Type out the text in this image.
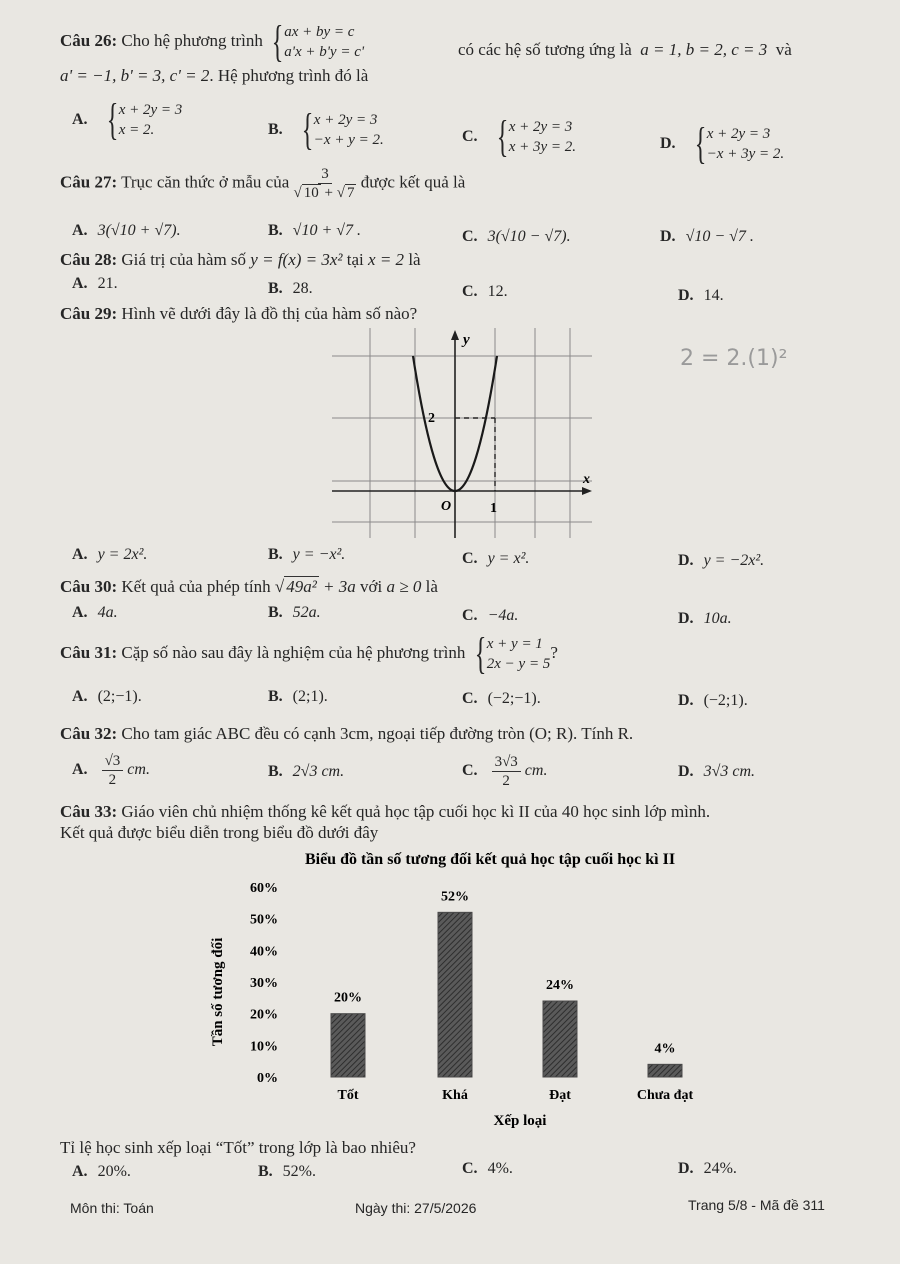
Câu 26: Cho hệ phương trình { ax + by = c
a'x + b'y = c'	có các hệ số tương ứng là a = 1, b = 2, c = 3 và
a' = −1, b' = 3, c' = 2. Hệ phương trình đó là
A. { x + 2y = 3
x = 2.	B. { x + 2y = 3
−x + y = 2.	C. { x + 2y = 3
x + 3y = 2.	D. { x + 2y = 3
−x + 3y = 2.
Câu 27: Trục căn thức ở mẫu của $\frac{3}{√ 10 + √ 7}$ được kết quả là
A. 3(√10 + √7).	B. √10 + √7 .	C. 3(√10 − √7).	D. √10 − √7 .
Câu 28: Giá trị của hàm số y = f(x) = 3x² tại x = 2 là
A. 21.	B. 28.	C. 12.	D. 14.
Câu 29: Hình vẽ dưới đây là đồ thị của hàm số nào?
y
x
2
1
O
2 = 2.(1)²
A. y = 2x².	B. y = −x².	C. y = x².	D. y = −2x².
Câu 30: Kết quả của phép tính √ 49a² + 3a với a ≥ 0 là
A. 4a.	B. 52a.	C. −4a.	D. 10a.
Câu 31: Cặp số nào sau đây là nghiệm của hệ phương trình { x + y = 1
2x − y = 5
?
A. (2;−1).	B. (2;1).	C. (−2;−1).	D. (−2;1).
Câu 32: Cho tam giác ABC đều có cạnh 3cm, ngoại tiếp đường tròn (O; R). Tính R.
A. $\frac{√3}{2}$ cm.	B. 2√3 cm.	C. $\frac{3√3}{2}$ cm.	D. 3√3 cm.
Câu 33: Giáo viên chủ nhiệm thống kê kết quả học tập cuối học kì II của 40 học sinh lớp mình.
Kết quả được biểu diễn trong biểu đồ dưới đây
Biểu đồ tần số tương đối kết quả học tập cuối học kì II
Tần số tương đối
Xếp loại
0%
10%
20%
30%
40%
50%
60%
20%
52%
24%
4%
Tốt	Khá	Đạt	Chưa đạt
Tỉ lệ học sinh xếp loại “Tốt” trong lớp là bao nhiêu?
A. 20%.	B. 52%.	C. 4%.	D. 24%.
Môn thi: Toán	Ngày thi: 27/5/2026	Trang 5/8 - Mã đề 311
